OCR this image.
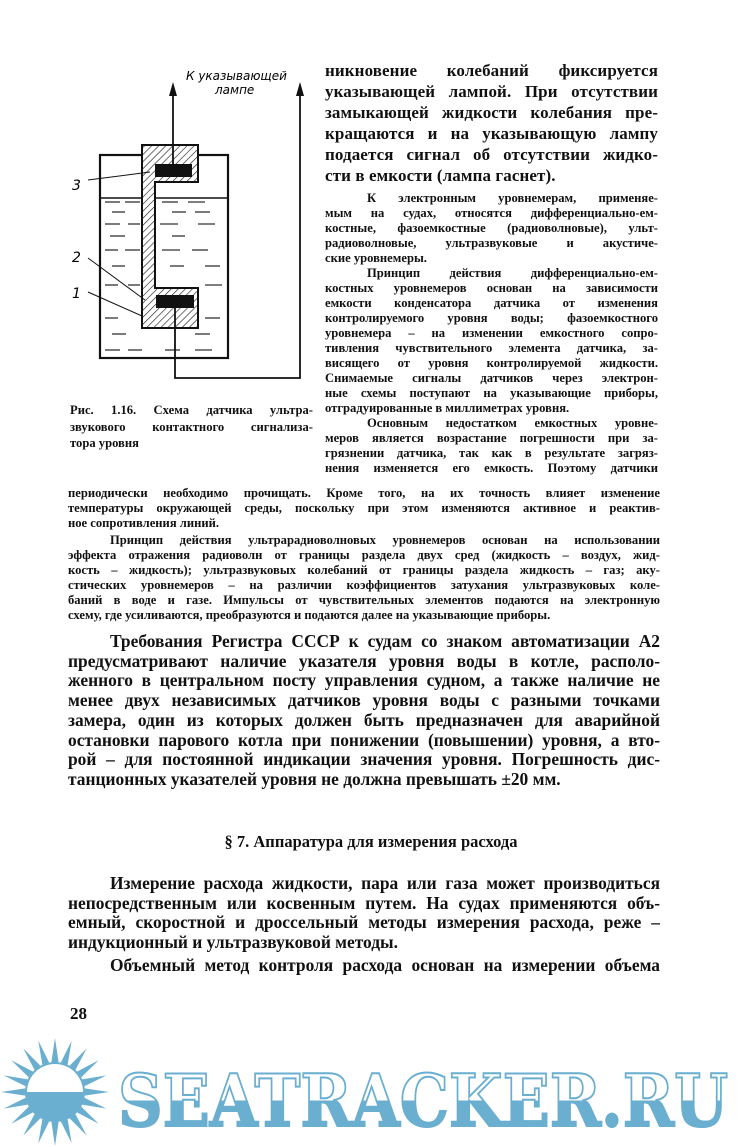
К указывающей
лампе
3
2
1
Рис. 1.16. Схема датчика ультра-
звукового контактного сигнализа-
тора уровня
никновение колебаний фиксируется
указывающей лампой. При отсутствии
замыкающей жидкости колебания пре-
кращаются и на указывающую лампу
подается сигнал об отсутствии жидко-
сти в емкости (лампа гаснет).
К электронным уровнемерам, применяе-
мым на судах, относятся дифференциально-ем-
костные, фазоемкостные (радиоволновые), ульт-
радиоволновые, ультразвуковые и акустиче-
ские уровнемеры.
Принцип действия дифференциально-ем-
костных уровнемеров основан на зависимости
емкости конденсатора датчика от изменения
контролируемого уровня воды; фазоемкостного
уровнемера – на изменении емкостного сопро-
тивления чувствительного элемента датчика, за-
висящего от уровня контролируемой жидкости.
Снимаемые сигналы датчиков через электрон-
ные схемы поступают на указывающие приборы,
отградуированные в миллиметрах уровня.
Основным недостатком емкостных уровне-
меров является возрастание погрешности при за-
грязнении датчика, так как в результате загряз-
нения изменяется его емкость. Поэтому датчики
периодически необходимо прочищать. Кроме того, на их точность влияет изменение
температуры окружающей среды, поскольку при этом изменяются активное и реактив-
ное сопротивления линий.
Принцип действия ультрарадиоволновых уровнемеров основан на использовании
эффекта отражения радиоволн от границы раздела двух сред (жидкость – воздух, жид-
кость – жидкость); ультразвуковых колебаний от границы раздела жидкость – газ; аку-
стических уровнемеров – на различии коэффициентов затухания ультразвуковых коле-
баний в воде и газе. Импульсы от чувствительных элементов подаются на электронную
схему, где усиливаются, преобразуются и подаются далее на указывающие приборы.
Требования Регистра СССР к судам со знаком автоматизации А2
предусматривают наличие указателя уровня воды в котле, располо-
женного в центральном посту управления судном, а также наличие не
менее двух независимых датчиков уровня воды с разными точками
замера, один из которых должен быть предназначен для аварийной
остановки парового котла при понижении (повышении) уровня, а вто-
рой – для постоянной индикации значения уровня. Погрешность дис-
танционных указателей уровня не должна превышать ±20 мм.
§ 7. Аппаратура для измерения расхода
Измерение расхода жидкости, пара или газа может производиться
непосредственным или косвенным путем. На судах применяются объ-
емный, скоростной и дроссельный методы измерения расхода, реже –
индукционный и ультразвуковой методы.
Объемный метод контроля расхода основан на измерении объема
28
SEATRACKER.RU
